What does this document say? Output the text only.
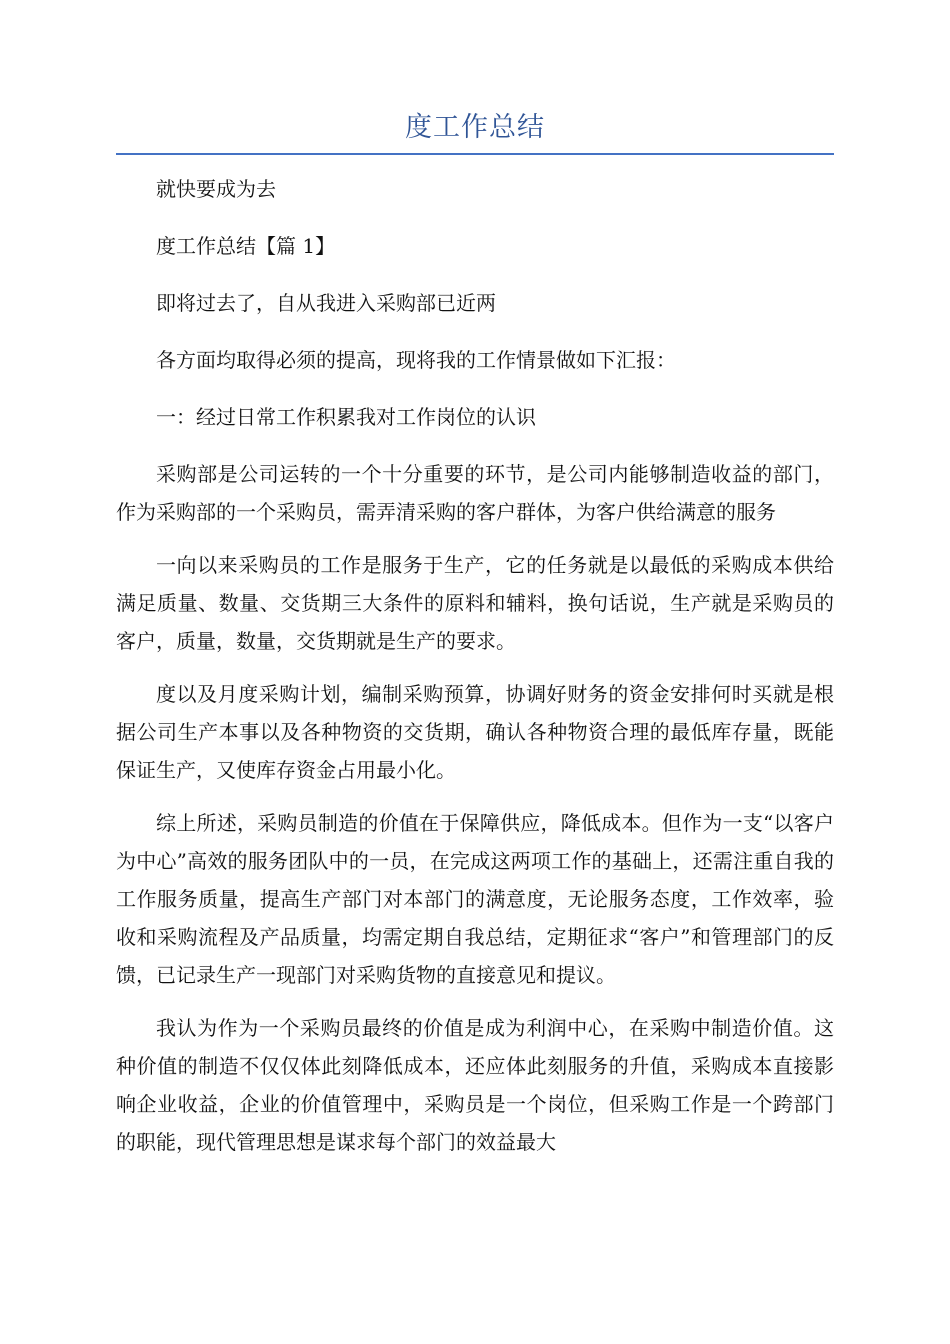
度工作总结

就快要成为去

度工作总结【篇 1】

即将过去了，自从我进入采购部已近两

各方面均取得必须的提高，现将我的工作情景做如下汇报：

一：经过日常工作积累我对工作岗位的认识

采购部是公司运转的一个十分重要的环节，是公司内能够制造收益的部门，作为采购部的一个采购员，需弄清采购的客户群体，为客户供给满意的服务

一向以来采购员的工作是服务于生产，它的任务就是以最低的采购成本供给满足质量、数量、交货期三大条件的原料和辅料，换句话说，生产就是采购员的客户，质量，数量，交货期就是生产的要求。

度以及月度采购计划，编制采购预算，协调好财务的资金安排何时买就是根据公司生产本事以及各种物资的交货期，确认各种物资合理的最低库存量，既能保证生产，又使库存资金占用最小化。

综上所述，采购员制造的价值在于保障供应，降低成本。但作为一支“以客户为中心”高效的服务团队中的一员，在完成这两项工作的基础上，还需注重自我的工作服务质量，提高生产部门对本部门的满意度，无论服务态度，工作效率，验收和采购流程及产品质量，均需定期自我总结，定期征求“客户”和管理部门的反馈，已记录生产一现部门对采购货物的直接意见和提议。

我认为作为一个采购员最终的价值是成为利润中心，在采购中制造价值。这种价值的制造不仅仅体此刻降低成本，还应体此刻服务的升值，采购成本直接影响企业收益，企业的价值管理中，采购员是一个岗位，但采购工作是一个跨部门的职能，现代管理思想是谋求每个部门的效益最大
